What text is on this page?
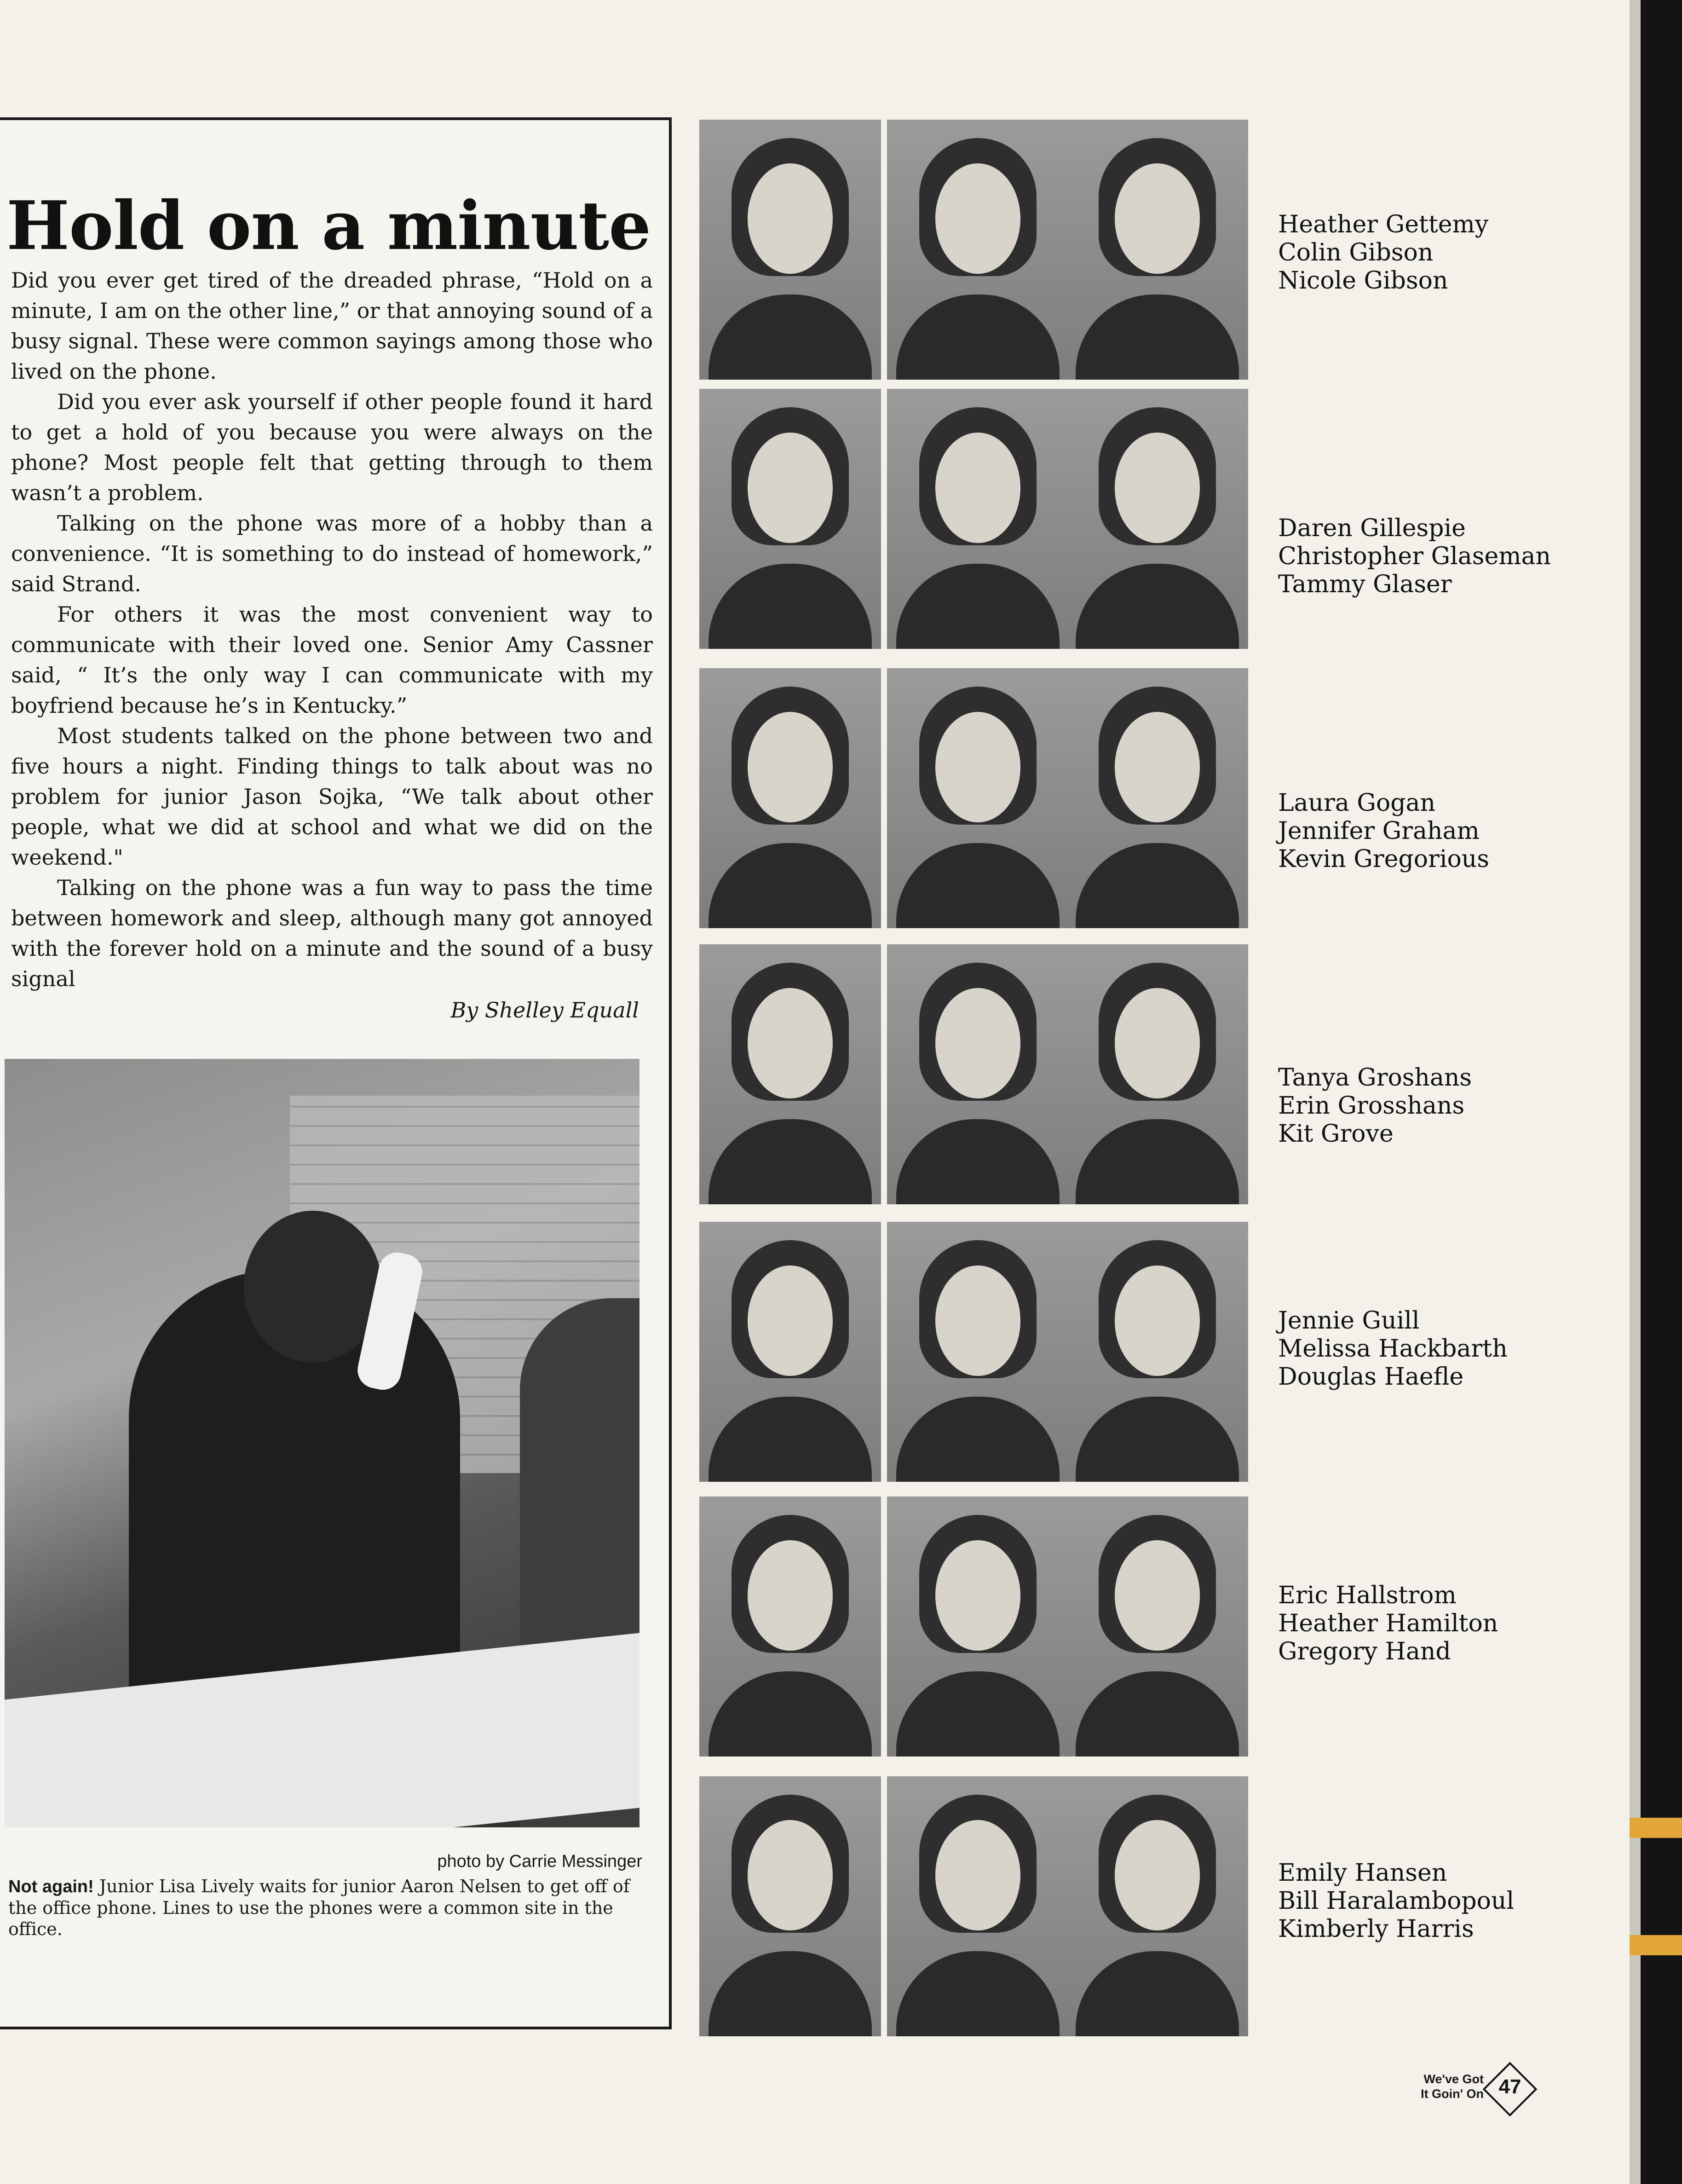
Hold on a minute

Did you ever get tired of the dreaded phrase, “Hold on a minute, I am on the other line,” or that annoying sound of a busy signal. These were common sayings among those who lived on the phone.

Did you ever ask yourself if other people found it hard to get a hold of you because you were always on the phone? Most people felt that getting through to them wasn’t a problem.

Talking on the phone was more of a hobby than a convenience. “It is something to do instead of homework,” said Strand.

For others it was the most convenient way to communicate with their loved one. Senior Amy Cassner said, “ It’s the only way I can communicate with my boyfriend because he’s in Kentucky.”

Most students talked on the phone between two and five hours a night. Finding things to talk about was no problem for junior Jason Sojka, “We talk about other people, what we did at school and what we did on the weekend."

Talking on the phone was a fun way to pass the time between homework and sleep, although many got annoyed with the forever hold on a minute and the sound of a busy signal

By Shelley Equall
photo by Carrie Messinger

Not again! Junior Lisa Lively waits for junior Aaron Nelsen to get off of the office phone. Lines to use the phones were a common site in the office.

Heather Gettemy
Colin Gibson
Nicole Gibson
Daren Gillespie
Christopher Glaseman
Tammy Glaser
Laura Gogan
Jennifer Graham
Kevin Gregorious
Tanya Groshans
Erin Grosshans
Kit Grove
Jennie Guill
Melissa Hackbarth
Douglas Haefle
Eric Hallstrom
Heather Hamilton
Gregory Hand
Emily Hansen
Bill Haralambopoul
Kimberly Harris
We've Got
It Goin' On 47
